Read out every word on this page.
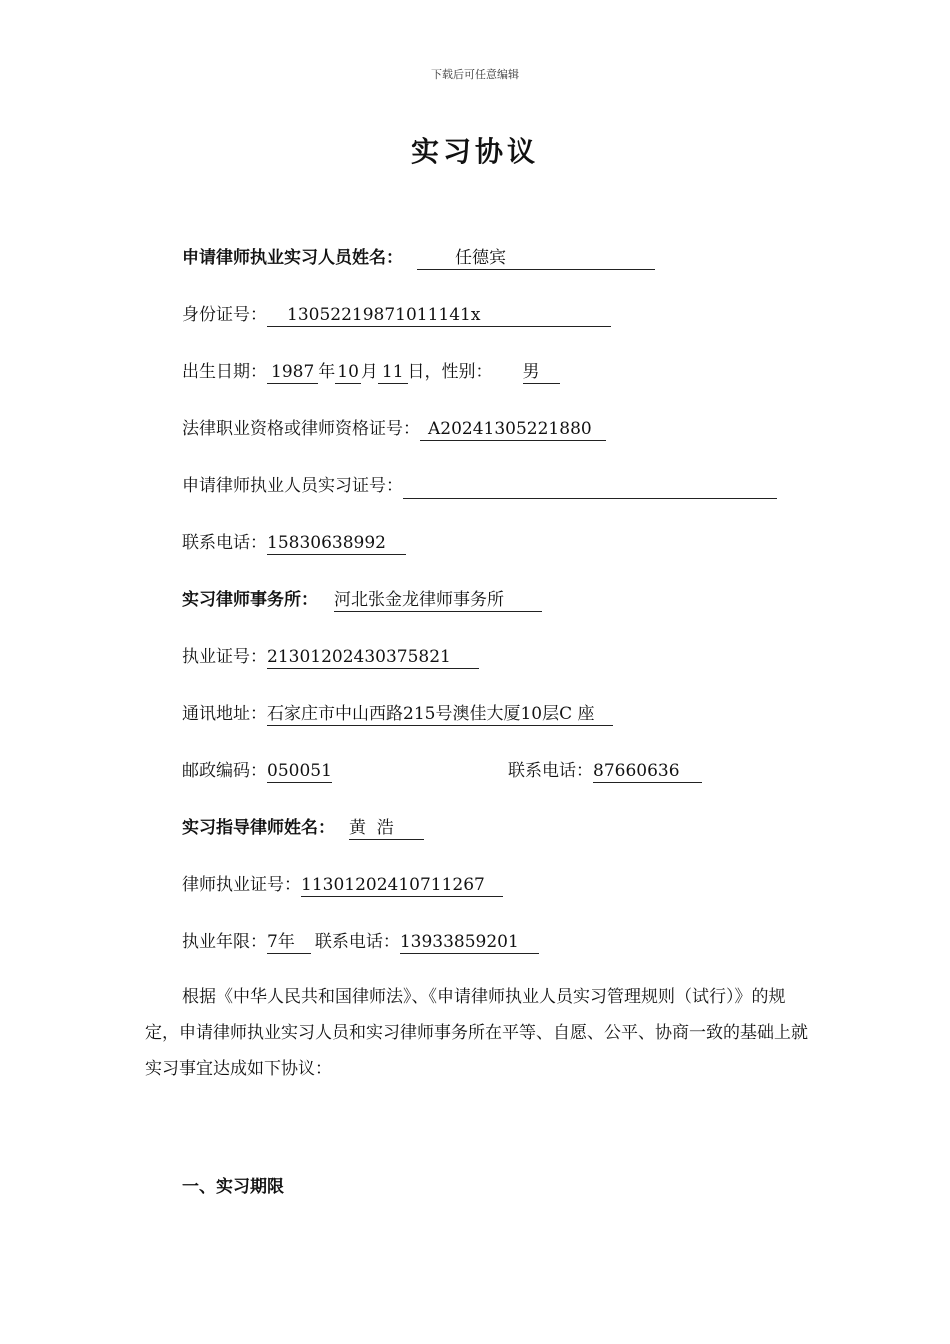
下载后可任意编辑
实习协议
申请律师执业实习人员姓名：	任德宾
身份证号： 13052219871011141x
出生日期： 1987 年 10 月 11 日，性别： 男
法律职业资格或律师资格证号： A20241305221880
申请律师执业人员实习证号：
联系电话：15830638992
实习律师事务所： 河北张金龙律师事务所
执业证号：21301202430375821
通讯地址：石家庄市中山西路215号澳佳大厦10层C 座
邮政编码：050051	联系电话：87660636
实习指导律师姓名： 黄  浩
律师执业证号：11301202410711267
执业年限：7年 联系电话：13933859201
根据《中华人民共和国律师法》、《申请律师执业人员实习管理规则（试行）》的规定，申请律师执业实习人员和实习律师事务所在平等、自愿、公平、协商一致的基础上就实习事宜达成如下协议：
一、实习期限
